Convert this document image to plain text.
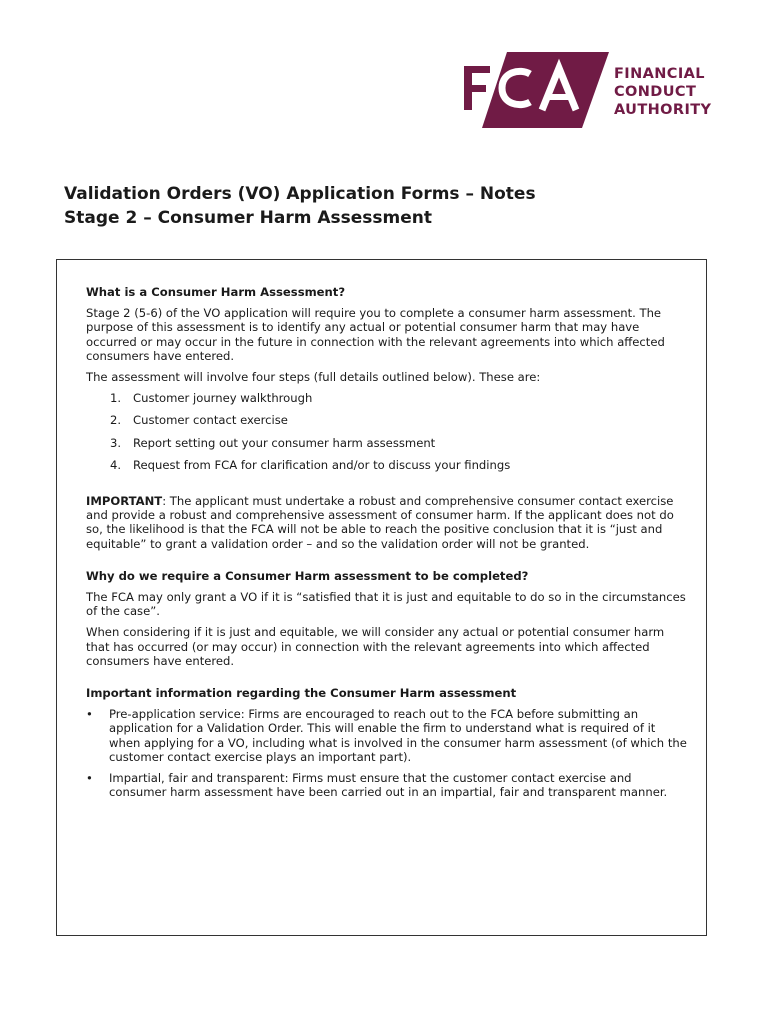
FINANCIAL
CONDUCT
AUTHORITY
Validation Orders (VO) Application Forms – Notes
Stage 2 – Consumer Harm Assessment
What is a Consumer Harm Assessment?

Stage 2 (5-6) of the VO application will require you to complete a consumer harm assessment. The purpose of this assessment is to identify any actual or potential consumer harm that may have occurred or may occur in the future in connection with the relevant agreements into which affected consumers have entered.

The assessment will involve four steps (full details outlined below). These are:

1.	Customer journey walkthrough
2.	Customer contact exercise
3.	Report setting out your consumer harm assessment
4.	Request from FCA for clarification and/or to discuss your findings

IMPORTANT: The applicant must undertake a robust and comprehensive consumer contact exercise and provide a robust and comprehensive assessment of consumer harm. If the applicant does not do so, the likelihood is that the FCA will not be able to reach the positive conclusion that it is “just and equitable” to grant a validation order – and so the validation order will not be granted.

Why do we require a Consumer Harm assessment to be completed?

The FCA may only grant a VO if it is “satisfied that it is just and equitable to do so in the circumstances of the case”.

When considering if it is just and equitable, we will consider any actual or potential consumer harm that has occurred (or may occur) in connection with the relevant agreements into which affected consumers have entered.

Important information regarding the Consumer Harm assessment
• Pre-application service: Firms are encouraged to reach out to the FCA before submitting an application for a Validation Order. This will enable the firm to understand what is required of it when applying for a VO, including what is involved in the consumer harm assessment (of which the customer contact exercise plays an important part).
• Impartial, fair and transparent: Firms must ensure that the customer contact exercise and consumer harm assessment have been carried out in an impartial, fair and transparent manner.
